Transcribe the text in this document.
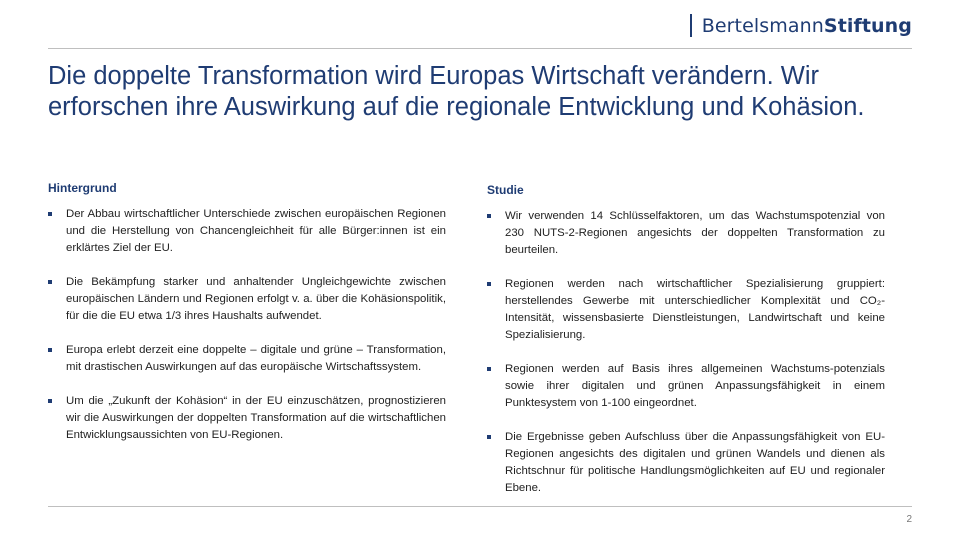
Bertelsmann Stiftung
Die doppelte Transformation wird Europas Wirtschaft verändern. Wir erforschen ihre Auswirkung auf die regionale Entwicklung und Kohäsion.
Hintergrund
Der Abbau wirtschaftlicher Unterschiede zwischen europäischen Regionen und die Herstellung von Chancengleichheit für alle Bürger:innen ist ein erklärtes Ziel der EU.
Die Bekämpfung starker und anhaltender Ungleichgewichte zwischen europäischen Ländern und Regionen erfolgt v. a. über die Kohäsionspolitik, für die die EU etwa 1/3 ihres Haushalts aufwendet.
Europa erlebt derzeit eine doppelte – digitale und grüne – Transformation, mit drastischen Auswirkungen auf das europäische Wirtschaftssystem.
Um die „Zukunft der Kohäsion“ in der EU einzuschätzen, prognostizieren wir die Auswirkungen der doppelten Transformation auf die wirtschaftlichen Entwicklungsaussichten von EU-Regionen.
Studie
Wir verwenden 14 Schlüsselfaktoren, um das Wachstumspotenzial von 230 NUTS-2-Regionen angesichts der doppelten Transformation zu beurteilen.
Regionen werden nach wirtschaftlicher Spezialisierung gruppiert: herstellendes Gewerbe mit unterschiedlicher Komplexität und CO₂-Intensität, wissensbasierte Dienstleistungen, Landwirtschaft und keine Spezialisierung.
Regionen werden auf Basis ihres allgemeinen Wachstums-potenzials sowie ihrer digitalen und grünen Anpassungsfähigkeit in einem Punktesystem von 1-100 eingeordnet.
Die Ergebnisse geben Aufschluss über die Anpassungsfähigkeit von EU-Regionen angesichts des digitalen und grünen Wandels und dienen als Richtschnur für politische Handlungsmöglichkeiten auf EU und regionaler Ebene.
2
